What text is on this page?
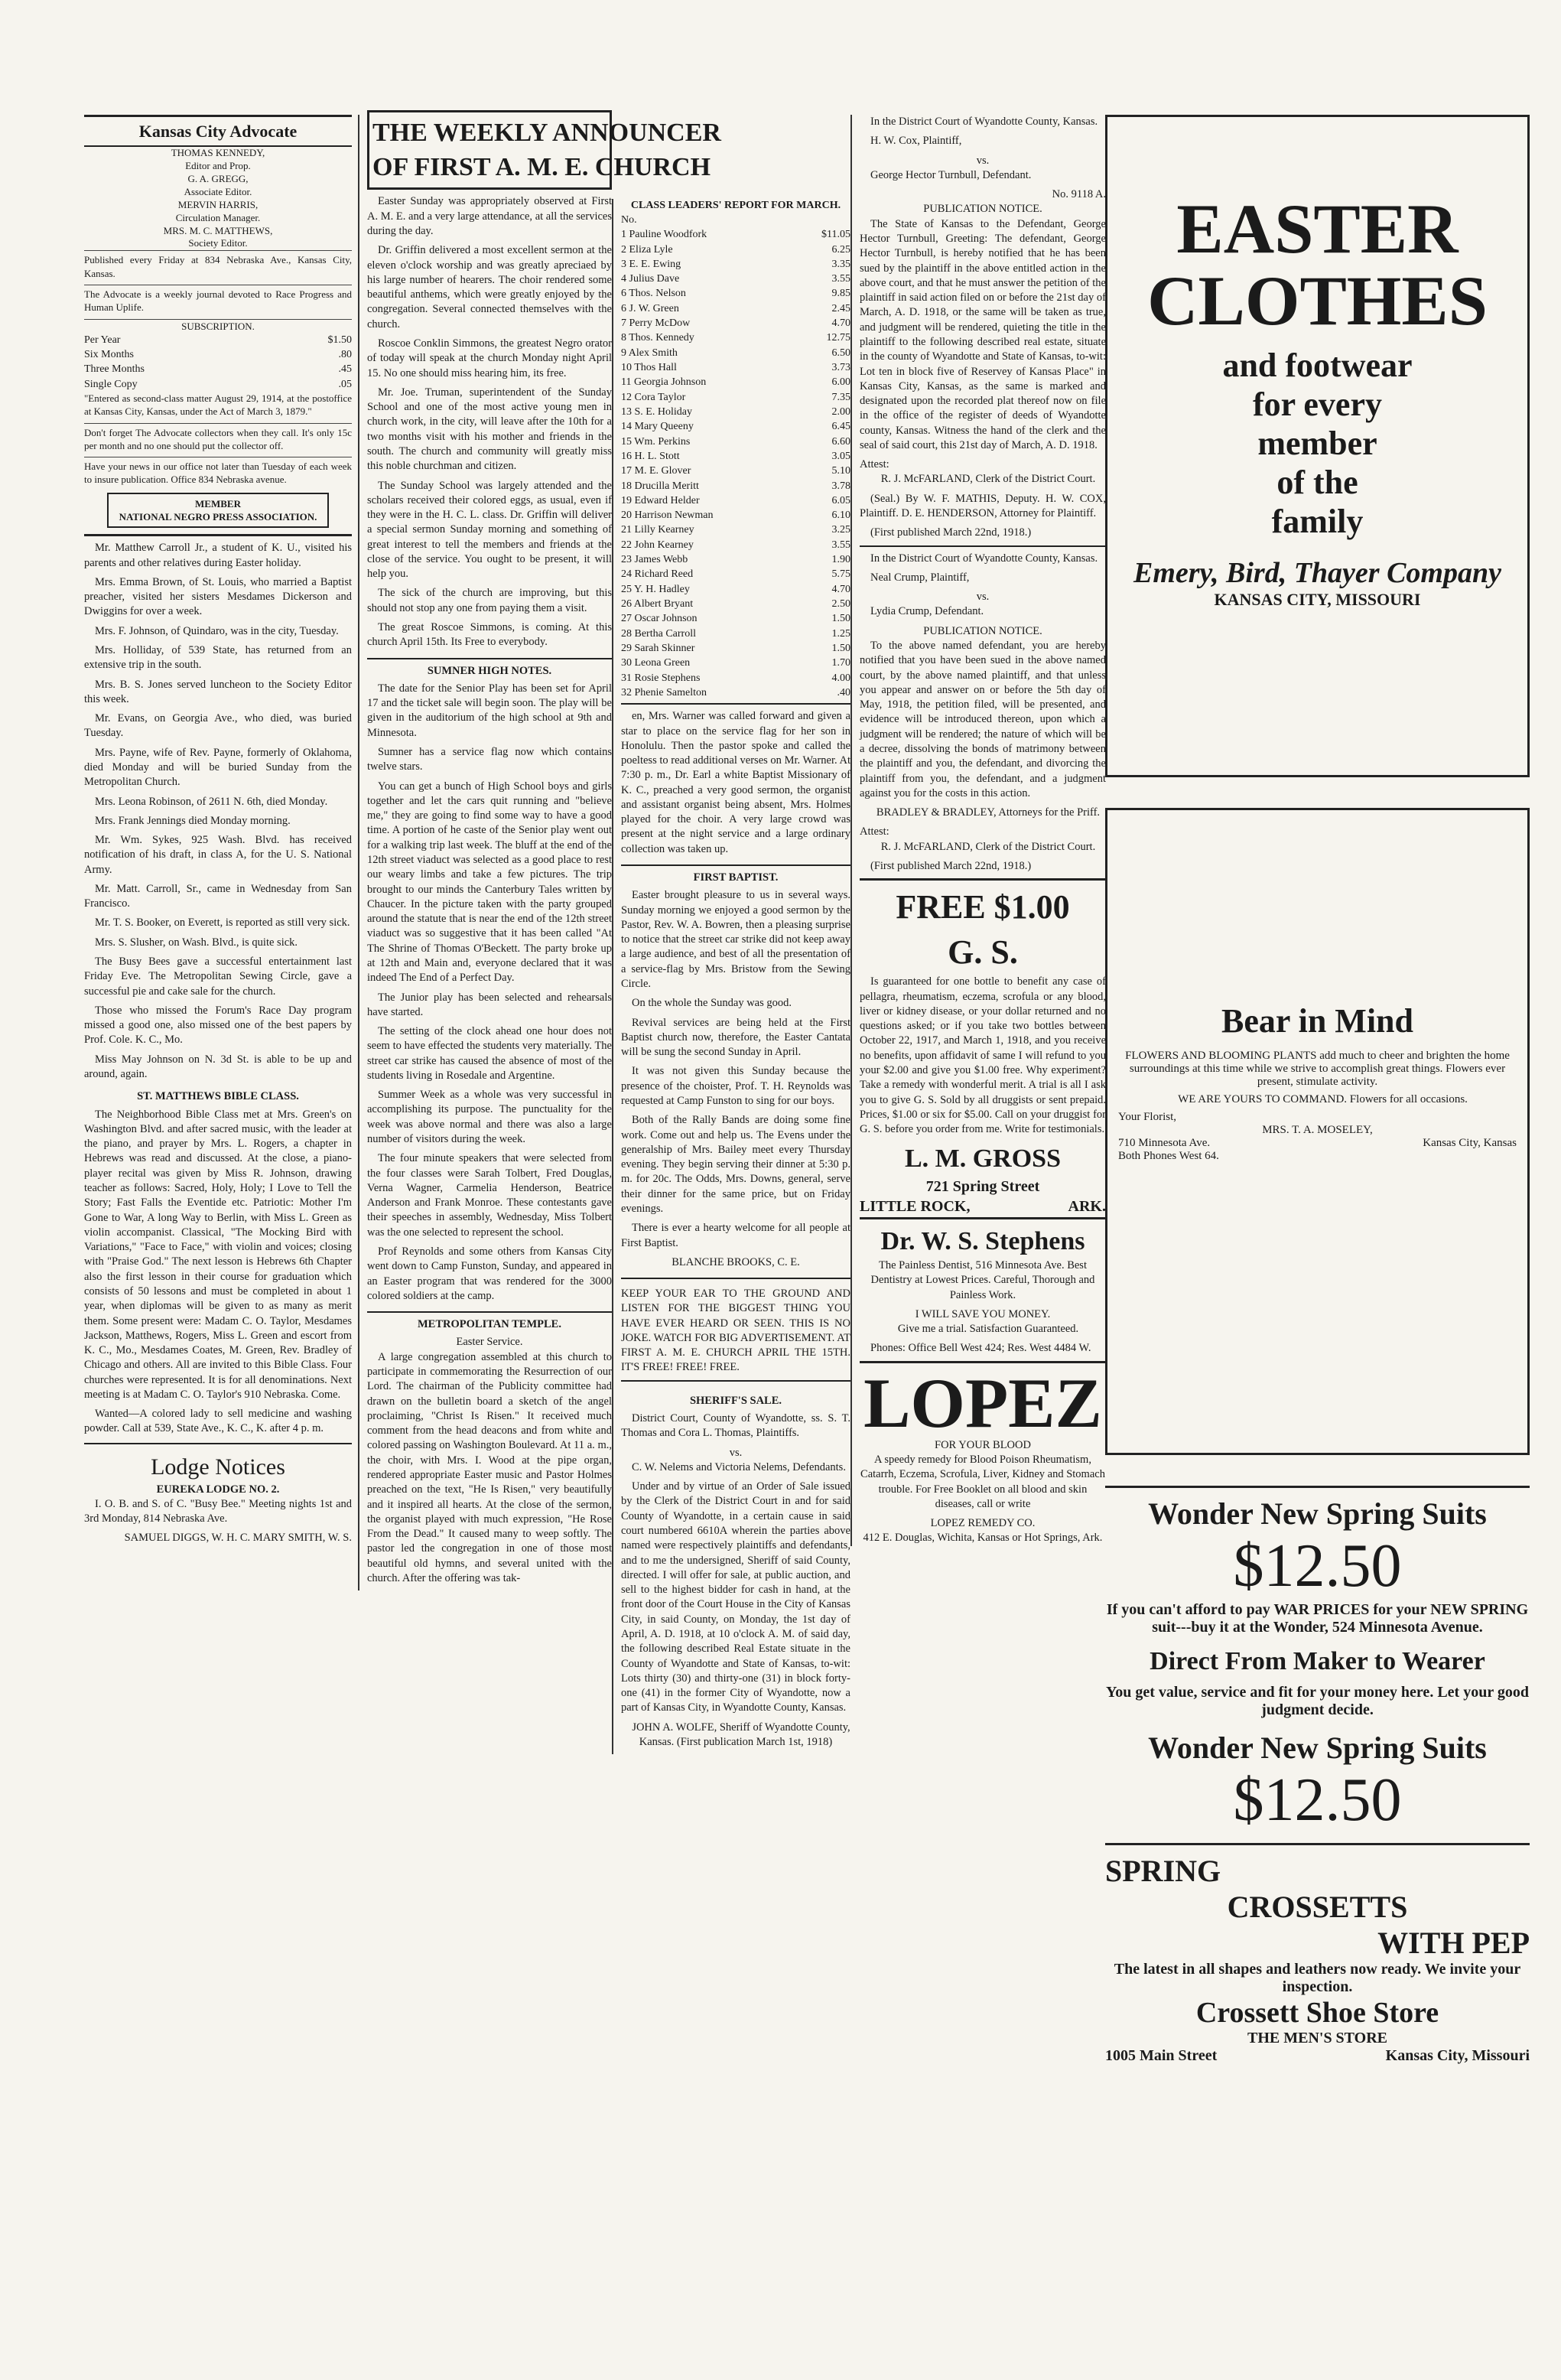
Kansas City Advocate
THOMAS KENNEDY,
Editor and Prop.
G. A. GREGG,
Associate Editor.
MERVIN HARRIS,
Circulation Manager.
MRS. M. C. MATTHEWS,
Society Editor.

Published every Friday at 834 Nebraska Ave., Kansas City, Kansas.

The Advocate is a weekly journal devoted to Race Progress and Human Uplife.

SUBSCRIPTION.
Per Year	$1.50
Six Months	.80
Three Months	.45
Single Copy	.05

"Entered as second-class matter August 29, 1914, at the postoffice at Kansas City, Kansas, under the Act of March 3, 1879."

Don't forget The Advocate collectors when they call. It's only 15c per month and no one should put the collector off.

Have your news in our office not later than Tuesday of each week to insure publication. Office 834 Nebraska avenue.

MEMBER
NATIONAL NEGRO PRESS ASSOCIATION.

Mr. Matthew Carroll Jr., a student of K. U., visited his parents and other relatives during Easter holiday.

Mrs. Emma Brown, of St. Louis, who married a Baptist preacher, visited her sisters Mesdames Dickerson and Dwiggins for over a week.

Mrs. F. Johnson, of Quindaro, was in the city, Tuesday.

Mrs. Holliday, of 539 State, has returned from an extensive trip in the south.

Mrs. B. S. Jones served luncheon to the Society Editor this week.

Mr. Evans, on Georgia Ave., who died, was buried Tuesday.

Mrs. Payne, wife of Rev. Payne, formerly of Oklahoma, died Monday and will be buried Sunday from the Metropolitan Church.

Mrs. Leona Robinson, of 2611 N. 6th, died Monday.

Mrs. Frank Jennings died Monday morning.

Mr. Wm. Sykes, 925 Wash. Blvd. has received notification of his draft, in class A, for the U. S. National Army.

Mr. Matt. Carroll, Sr., came in Wednesday from San Francisco.

Mr. T. S. Booker, on Everett, is reported as still very sick.

Mrs. S. Slusher, on Wash. Blvd., is quite sick.

The Busy Bees gave a successful entertainment last Friday Eve. The Metropolitan Sewing Circle, gave a successful pie and cake sale for the church.

Those who missed the Forum's Race Day program missed a good one, also missed one of the best papers by Prof. Cole. K. C., Mo.

Miss May Johnson on N. 3d St. is able to be up and around, again.

ST. MATTHEWS BIBLE CLASS.

The Neighborhood Bible Class met at Mrs. Green's on Washington Blvd. and after sacred music, with the leader at the piano, and prayer by Mrs. L. Rogers, a chapter in Hebrews was read and discussed. At the close, a piano-player recital was given by Miss R. Johnson, drawing teacher as follows: Sacred, Holy, Holy; I Love to Tell the Story; Fast Falls the Eventide etc. Patriotic: Mother I'm Gone to War, A long Way to Berlin, with Miss L. Green as violin accompanist. Classical, "The Mocking Bird with Variations," "Face to Face," with violin and voices; closing with "Praise God." The next lesson is Hebrews 6th Chapter also the first lesson in their course for graduation which consists of 50 lessons and must be completed in about 1 year, when diplomas will be given to as many as merit them. Some present were: Madam C. O. Taylor, Mesdames Jackson, Matthews, Rogers, Miss L. Green and escort from K. C., Mo., Mesdames Coates, M. Green, Rev. Bradley of Chicago and others. All are invited to this Bible Class. Four churches were represented. It is for all denominations. Next meeting is at Madam C. O. Taylor's 910 Nebraska. Come.

Wanted—A colored lady to sell medicine and washing powder. Call at 539, State Ave., K. C., K. after 4 p. m.

Lodge Notices
EUREKA LODGE NO. 2.

I. O. B. and S. of C. "Busy Bee." Meeting nights 1st and 3rd Monday, 814 Nebraska Ave.

SAMUEL DIGGS, W. H. C. MARY SMITH, W. S.

THE WEEKLY ANNOUNCER
OF FIRST A. M. E. CHURCH

Easter Sunday was appropriately observed at First A. M. E. and a very large attendance, at all the services during the day.

Dr. Griffin delivered a most excellent sermon at the eleven o'clock worship and was greatly apreciaed by his large number of hearers. The choir rendered some beautiful anthems, which were greatly enjoyed by the congregation. Several connected themselves with the church.

Roscoe Conklin Simmons, the greatest Negro orator of today will speak at the church Monday night April 15. No one should miss hearing him, its free.

Mr. Joe. Truman, superintendent of the Sunday School and one of the most active young men in church work, in the city, will leave after the 10th for a two months visit with his mother and friends in the south. The church and community will greatly miss this noble churchman and citizen.

The Sunday School was largely attended and the scholars received their colored eggs, as usual, even if they were in the H. C. L. class. Dr. Griffin will deliver a special sermon Sunday morning and something of great interest to tell the members and friends at the close of the service. You ought to be present, it will help you.

The sick of the church are improving, but this should not stop any one from paying them a visit.

The great Roscoe Simmons, is coming. At this church April 15th. Its Free to everybody.

SUMNER HIGH NOTES.

The date for the Senior Play has been set for April 17 and the ticket sale will begin soon. The play will be given in the auditorium of the high school at 9th and Minnesota.

Sumner has a service flag now which contains twelve stars.

You can get a bunch of High School boys and girls together and let the cars quit running and "believe me," they are going to find some way to have a good time. A portion of he caste of the Senior play went out for a walking trip last week. The bluff at the end of the 12th street viaduct was selected as a good place to rest our weary limbs and take a few pictures. The trip brought to our minds the Canterbury Tales written by Chaucer. In the picture taken with the party grouped around the statute that is near the end of the 12th street viaduct was so suggestive that it has been called "At The Shrine of Thomas O'Beckett. The party broke up at 12th and Main and, everyone declared that it was indeed The End of a Perfect Day.

The Junior play has been selected and rehearsals have started.

The setting of the clock ahead one hour does not seem to have effected the students very materially. The street car strike has caused the absence of most of the students living in Rosedale and Argentine.

Summer Week as a whole was very successful in accomplishing its purpose. The punctuality for the week was above normal and there was also a large number of visitors during the week.

The four minute speakers that were selected from the four classes were Sarah Tolbert, Fred Douglas, Verna Wagner, Carmelia Henderson, Beatrice Anderson and Frank Monroe. These contestants gave their speeches in assembly, Wednesday, Miss Tolbert was the one selected to represent the school.

Prof Reynolds and some others from Kansas City went down to Camp Funston, Sunday, and appeared in an Easter program that was rendered for the 3000 colored soldiers at the camp.

METROPOLITAN TEMPLE.
Easter Service.

A large congregation assembled at this church to participate in commemorating the Resurrection of our Lord. The chairman of the Publicity committee had drawn on the bulletin board a sketch of the angel proclaiming, "Christ Is Risen." It received much comment from the head deacons and from white and colored passing on Washington Boulevard. At 11 a. m., the choir, with Mrs. I. Wood at the pipe organ, rendered appropriate Easter music and Pastor Holmes preached on the text, "He Is Risen," very beautifully and it inspired all hearts. At the close of the sermon, the organist played with much expression, "He Rose From the Dead." It caused many to weep softly. The pastor led the congregation in one of those most beautiful old hymns, and several united with the church. After the offering was tak-

CLASS LEADERS' REPORT FOR MARCH.
No.
1 Pauline Woodfork	$11.05
2 Eliza Lyle	6.25
3 E. E. Ewing	3.35
4 Julius Dave	3.55
6 Thos. Nelson	9.85
6 J. W. Green	2.45
7 Perry McDow	4.70
8 Thos. Kennedy	12.75
9 Alex Smith	6.50
10 Thos Hall	3.73
11 Georgia Johnson	6.00
12 Cora Taylor	7.35
13 S. E. Holiday	2.00
14 Mary Queeny	6.45
15 Wm. Perkins	6.60
16 H. L. Stott	3.05
17 M. E. Glover	5.10
18 Drucilla Meritt	3.78
19 Edward Helder	6.05
20 Harrison Newman	6.10
21 Lilly Kearney	3.25
22 John Kearney	3.55
23 James Webb	1.90
24 Richard Reed	5.75
25 Y. H. Hadley	4.70
26 Albert Bryant	2.50
27 Oscar Johnson	1.50
28 Bertha Carroll	1.25
29 Sarah Skinner	1.50
30 Leona Green	1.70
31 Rosie Stephens	4.00
32 Phenie Samelton	.40

en, Mrs. Warner was called forward and given a star to place on the service flag for her son in Honolulu. Then the pastor spoke and called the poeltess to read additional verses on Mr. Warner. At 7:30 p. m., Dr. Earl a white Baptist Missionary of K. C., preached a very good sermon, the organist and assistant organist being absent, Mrs. Holmes played for the choir. A very large crowd was present at the night service and a large ordinary collection was taken up.

FIRST BAPTIST.

Easter brought pleasure to us in several ways. Sunday morning we enjoyed a good sermon by the Pastor, Rev. W. A. Bowren, then a pleasing surprise to notice that the street car strike did not keep away a large audience, and best of all the presentation of a service-flag by Mrs. Bristow from the Sewing Circle.

On the whole the Sunday was good.

Revival services are being held at the First Baptist church now, therefore, the Easter Cantata will be sung the second Sunday in April.

It was not given this Sunday because the presence of the choister, Prof. T. H. Reynolds was requested at Camp Funston to sing for our boys.

Both of the Rally Bands are doing some fine work. Come out and help us. The Evens under the generalship of Mrs. Bailey meet every Thursday evening. They begin serving their dinner at 5:30 p. m. for 20c. The Odds, Mrs. Downs, general, serve their dinner for the same price, but on Friday evenings.

There is ever a hearty welcome for all people at First Baptist.

BLANCHE BROOKS, C. E.

KEEP YOUR EAR TO THE GROUND AND LISTEN FOR THE BIGGEST THING YOU HAVE EVER HEARD OR SEEN. THIS IS NO JOKE. WATCH FOR BIG ADVERTISEMENT. AT FIRST A. M. E. CHURCH APRIL THE 15TH. IT'S FREE! FREE! FREE.

SHERIFF'S SALE.

District Court, County of Wyandotte, ss. S. T. Thomas and Cora L. Thomas, Plaintiffs.

vs.

C. W. Nelems and Victoria Nelems, Defendants.

Under and by virtue of an Order of Sale issued by the Clerk of the District Court in and for said County of Wyandotte, in a certain cause in said court numbered 6610A wherein the parties above named were respectively plaintiffs and defendants, and to me the undersigned, Sheriff of said County, directed. I will offer for sale, at public auction, and sell to the highest bidder for cash in hand, at the front door of the Court House in the City of Kansas City, in said County, on Monday, the 1st day of April, A. D. 1918, at 10 o'clock A. M. of said day, the following described Real Estate situate in the County of Wyandotte and State of Kansas, to-wit: Lots thirty (30) and thirty-one (31) in block forty-one (41) in the former City of Wyandotte, now a part of Kansas City, in Wyandotte County, Kansas.

JOHN A. WOLFE, Sheriff of Wyandotte County, Kansas. (First publication March 1st, 1918)

In the District Court of Wyandotte County, Kansas.

H. W. Cox, Plaintiff,

vs.

George Hector Turnbull, Defendant.

No. 9118 A.
PUBLICATION NOTICE.

The State of Kansas to the Defendant, George Hector Turnbull, Greeting: The defendant, George Hector Turnbull, is hereby notified that he has been sued by the plaintiff in the above entitled action in the above court, and that he must answer the petition of the plaintiff in said action filed on or before the 21st day of March, A. D. 1918, or the same will be taken as true, and judgment will be rendered, quieting the title in the plaintiff to the following described real estate, situate in the county of Wyandotte and State of Kansas, to-wit: Lot ten in block five of Reservey of Kansas Place" in Kansas City, Kansas, as the same is marked and designated upon the recorded plat thereof now on file in the office of the register of deeds of Wyandotte county, Kansas. Witness the hand of the clerk and the seal of said court, this 21st day of March, A. D. 1918.

Attest:

R. J. McFARLAND, Clerk of the District Court.

(Seal.) By W. F. MATHIS, Deputy. H. W. COX, Plaintiff. D. E. HENDERSON, Attorney for Plaintiff.

(First published March 22nd, 1918.)

In the District Court of Wyandotte County, Kansas.

Neal Crump, Plaintiff,

vs.

Lydia Crump, Defendant.

PUBLICATION NOTICE.

To the above named defendant, you are hereby notified that you have been sued in the above named court, by the above named plaintiff, and that unless you appear and answer on or before the 5th day of May, 1918, the petition filed, will be presented, and evidence will be introduced thereon, upon which a judgment will be rendered; the nature of which will be a decree, dissolving the bonds of matrimony between the plaintiff and you, the defendant, and divorcing the plaintiff from you, the defendant, and a judgment against you for the costs in this action.

BRADLEY & BRADLEY, Attorneys for the Priff.

Attest:

R. J. McFARLAND, Clerk of the District Court.

(First published March 22nd, 1918.)

FREE $1.00
G. S.

Is guaranteed for one bottle to benefit any case of pellagra, rheumatism, eczema, scrofula or any blood, liver or kidney disease, or your dollar returned and no questions asked; or if you take two bottles between October 22, 1917, and March 1, 1918, and you receive no benefits, upon affidavit of same I will refund to you your $2.00 and give you $1.00 free. Why experiment? Take a remedy with wonderful merit. A trial is all I ask you to give G. S. Sold by all druggists or sent prepaid. Prices, $1.00 or six for $5.00. Call on your druggist for G. S. before you order from me. Write for testimonials.

L. M. GROSS
721 Spring Street
LITTLE ROCK,	ARK.
Dr. W. S. Stephens

The Painless Dentist, 516 Minnesota Ave. Best Dentistry at Lowest Prices. Careful, Thorough and Painless Work.

I WILL SAVE YOU MONEY.

Give me a trial. Satisfaction Guaranteed.

Phones: Office Bell West 424; Res. West 4484 W.

LOPEZ
FOR YOUR BLOOD

A speedy remedy for Blood Poison Rheumatism, Catarrh, Eczema, Scrofula, Liver, Kidney and Stomach trouble. For Free Booklet on all blood and skin diseases, call or write

LOPEZ REMEDY CO.
412 E. Douglas, Wichita, Kansas or Hot Springs, Ark.
EASTER
CLOTHES
and footwear
for every
member
of the
family
Emery, Bird, Thayer Company
KANSAS CITY, MISSOURI
Bear in Mind

FLOWERS AND BLOOMING PLANTS add much to cheer and brighten the home surroundings at this time while we strive to accomplish great things. Flowers ever present, stimulate activity.

WE ARE YOURS TO COMMAND. Flowers for all occasions.

Your Florist,
MRS. T. A. MOSELEY,
710 Minnesota Ave.	Kansas City, Kansas
Both Phones West 64.
Wonder New Spring Suits
$12.50
If you can't afford to pay WAR PRICES for your NEW SPRING suit---buy it at the Wonder, 524 Minnesota Avenue.
Direct From Maker to Wearer
You get value, service and fit for your money here. Let your good judgment decide.
Wonder New Spring Suits
$12.50
SPRING
CROSSETTS
WITH PEP
The latest in all shapes and leathers now ready. We invite your inspection.
Crossett Shoe Store
THE MEN'S STORE
1005 Main Street	Kansas City, Missouri
